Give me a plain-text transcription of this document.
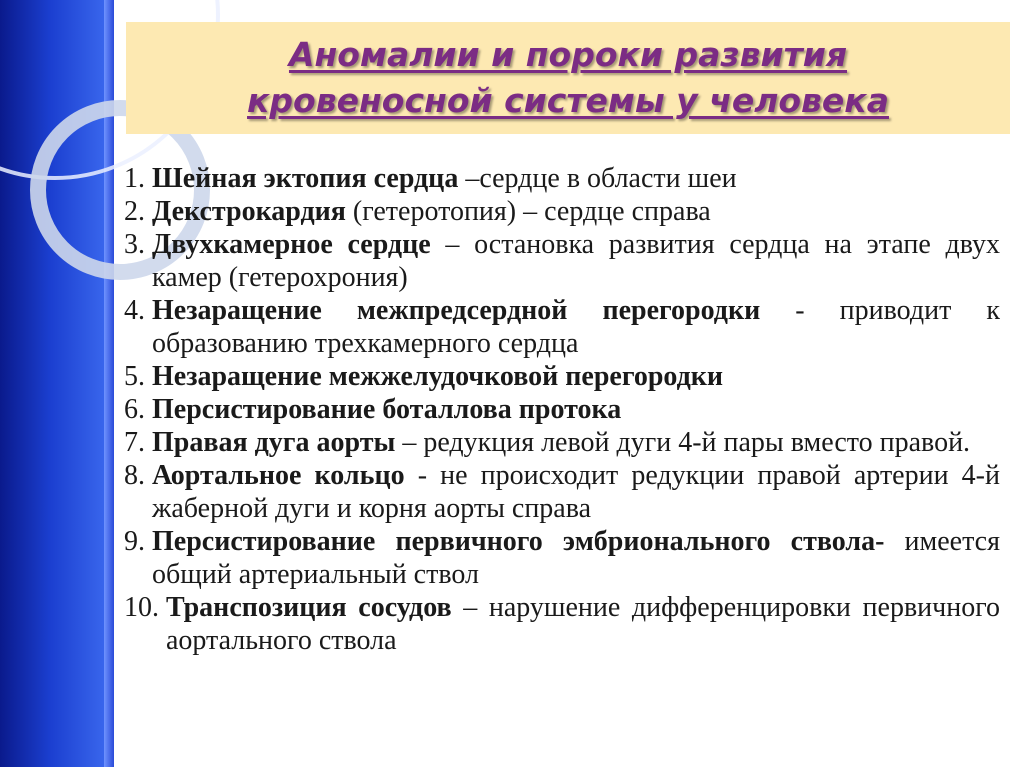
Аномалии и пороки развития
кровеносной системы у человека
1. Шейная эктопия сердца –сердце в области шеи
2. Декстрокардия (гетеротопия) – сердце справа
3. Двухкамерное сердце – остановка развития сердца на этапе двух камер (гетерохрония)
4. Незаращение межпредсердной перегородки - приводит к образованию трехкамерного сердца
5. Незаращение межжелудочковой перегородки
6. Персистирование боталлова протока
7. Правая дуга аорты – редукция левой дуги 4-й пары вместо правой.
8. Аортальное кольцо - не происходит редукции правой артерии 4-й жаберной дуги и корня аорты справа
9. Персистирование первичного эмбрионального ствола- имеется общий артериальный ствол
10. Транспозиция сосудов – нарушение дифференцировки первичного аортального ствола
